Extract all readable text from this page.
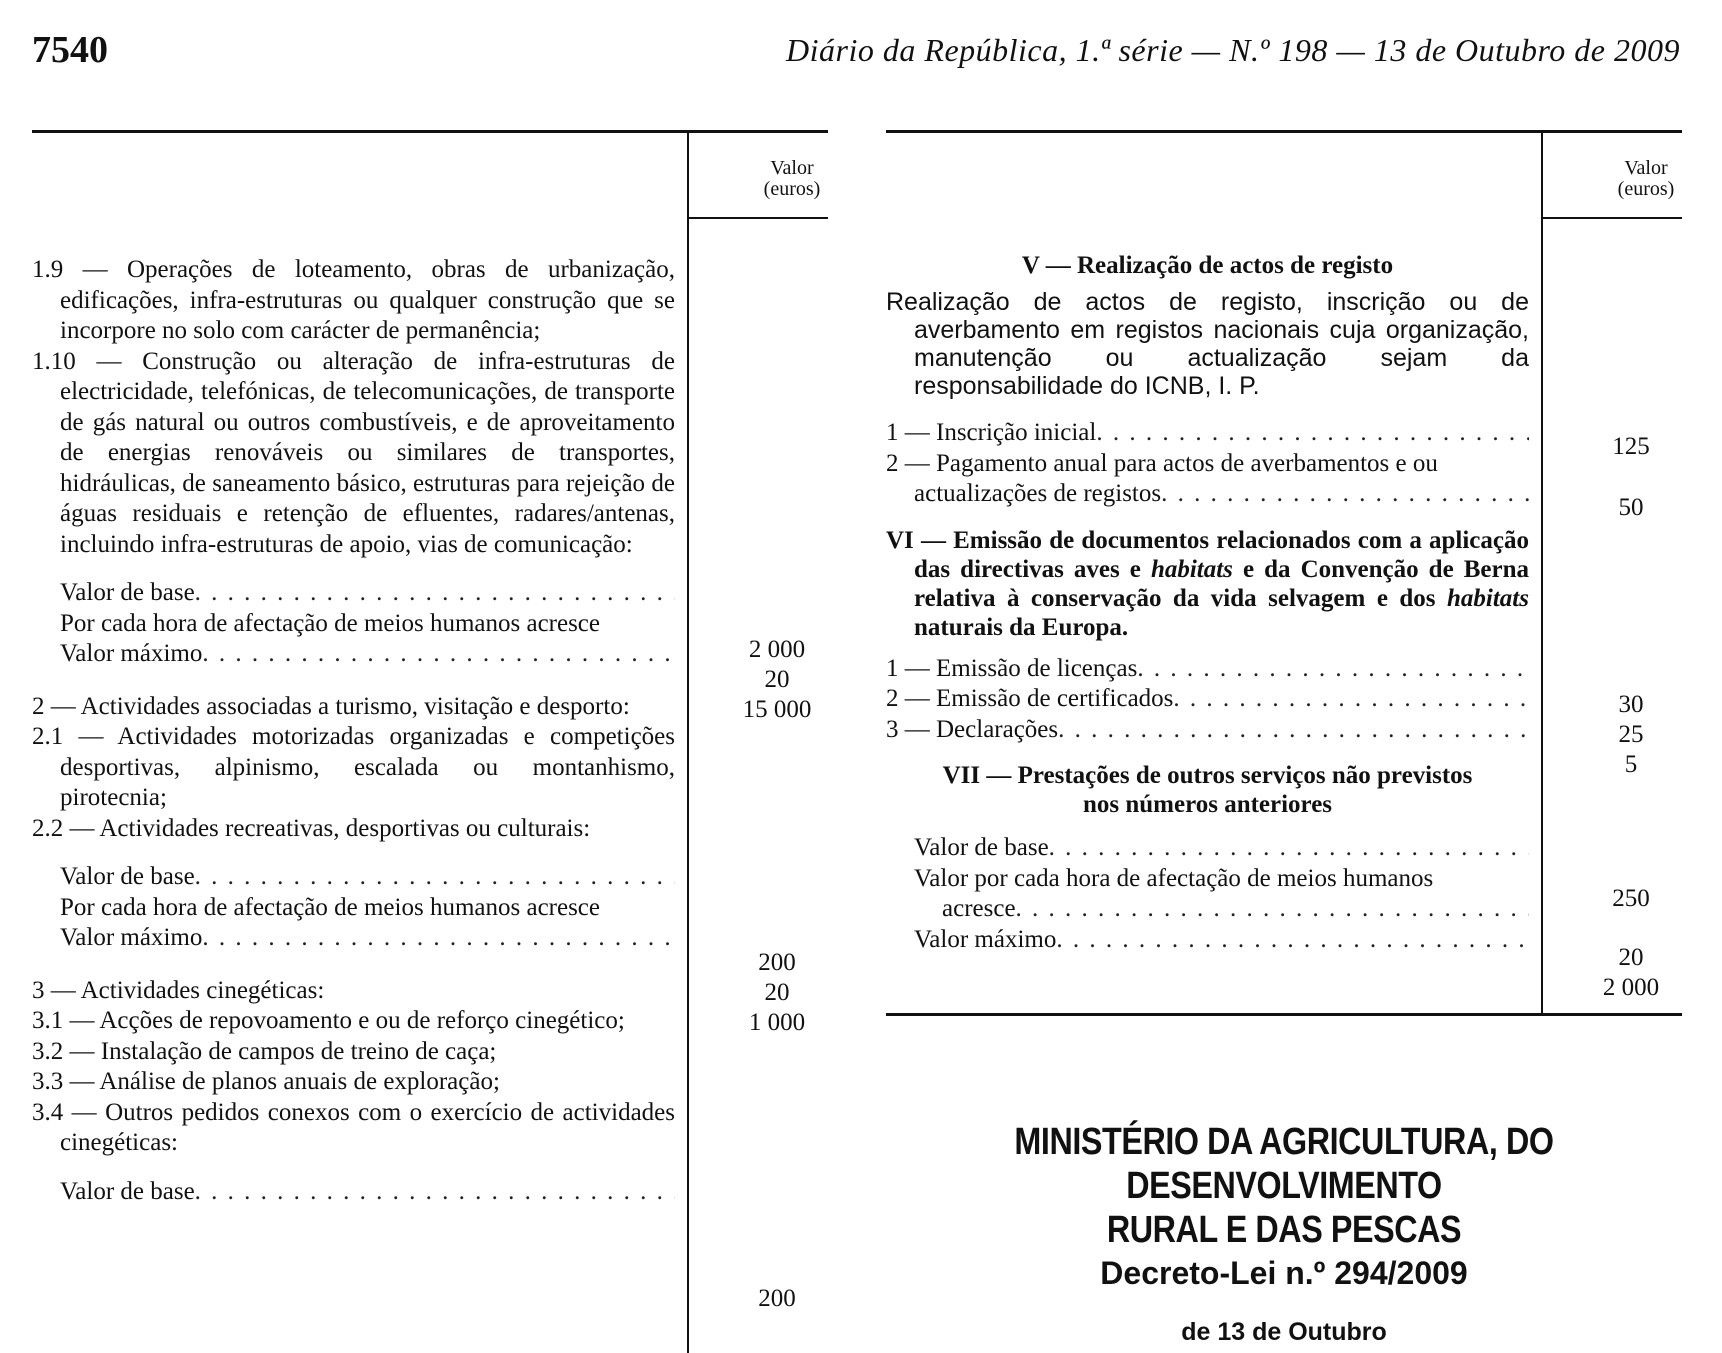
7540	Diário da República, 1.ª série — N.º 198 — 13 de Outubro de 2009
Valor
(euros)
1.9 — Operações de loteamento, obras de urbanização, edificações, infra-estruturas ou qualquer construção que se incorpore no solo com carácter de permanência;
1.10 — Construção ou alteração de infra-estruturas de electricidade, telefónicas, de telecomunicações, de transporte de gás natural ou outros combustíveis, e de aproveitamento de energias renováveis ou similares de transportes, hidráulicas, de saneamento básico, estruturas para rejeição de águas residuais e retenção de efluentes, radares/antenas, incluindo infra-estruturas de apoio, vias de comunicação:
Valor de base
. . .
Por cada hora de afectação de meios humanos acresce
Valor máximo
. . .
2 — Actividades associadas a turismo, visitação e desporto:
2.1 — Actividades motorizadas organizadas e competições desportivas, alpinismo, escalada ou montanhismo, pirotecnia;
2.2 — Actividades recreativas, desportivas ou culturais:
Valor de base
. . .
Por cada hora de afectação de meios humanos acresce
Valor máximo
. . .
3 — Actividades cinegéticas:
3.1 — Acções de repovoamento e ou de reforço cinegético;
3.2 — Instalação de campos de treino de caça;
3.3 — Análise de planos anuais de exploração;
3.4 — Outros pedidos conexos com o exercício de actividades cinegéticas:
Valor de base
. . .
2 000
20
15 000
200
20
1 000
200
Valor
(euros)
V — Realização de actos de registo
Realização de actos de registo, inscrição ou de averbamento em registos nacionais cuja organização, manutenção ou actualização sejam da responsabilidade do ICNB, I. P.
1 — Inscrição inicial
. . .
2 — Pagamento anual para actos de averbamentos e ou
actualizações de registos
. . .
VI — Emissão de documentos relacionados com a aplicação das directivas aves e habitats e da Convenção de Berna relativa à conservação da vida selvagem e dos habitats naturais da Europa.
1 — Emissão de licenças
. . .
2 — Emissão de certificados
. . .
3 — Declarações
. . .
VII — Prestações de outros serviços não previstos
nos números anteriores
Valor de base
. . .
Valor por cada hora de afectação de meios humanos
acresce
. . .
Valor máximo
. . .
125
50
30
25
5
250
20
2 000
MINISTÉRIO DA AGRICULTURA, DO DESENVOLVIMENTO
RURAL E DAS PESCAS
Decreto-Lei n.º 294/2009
de 13 de Outubro
